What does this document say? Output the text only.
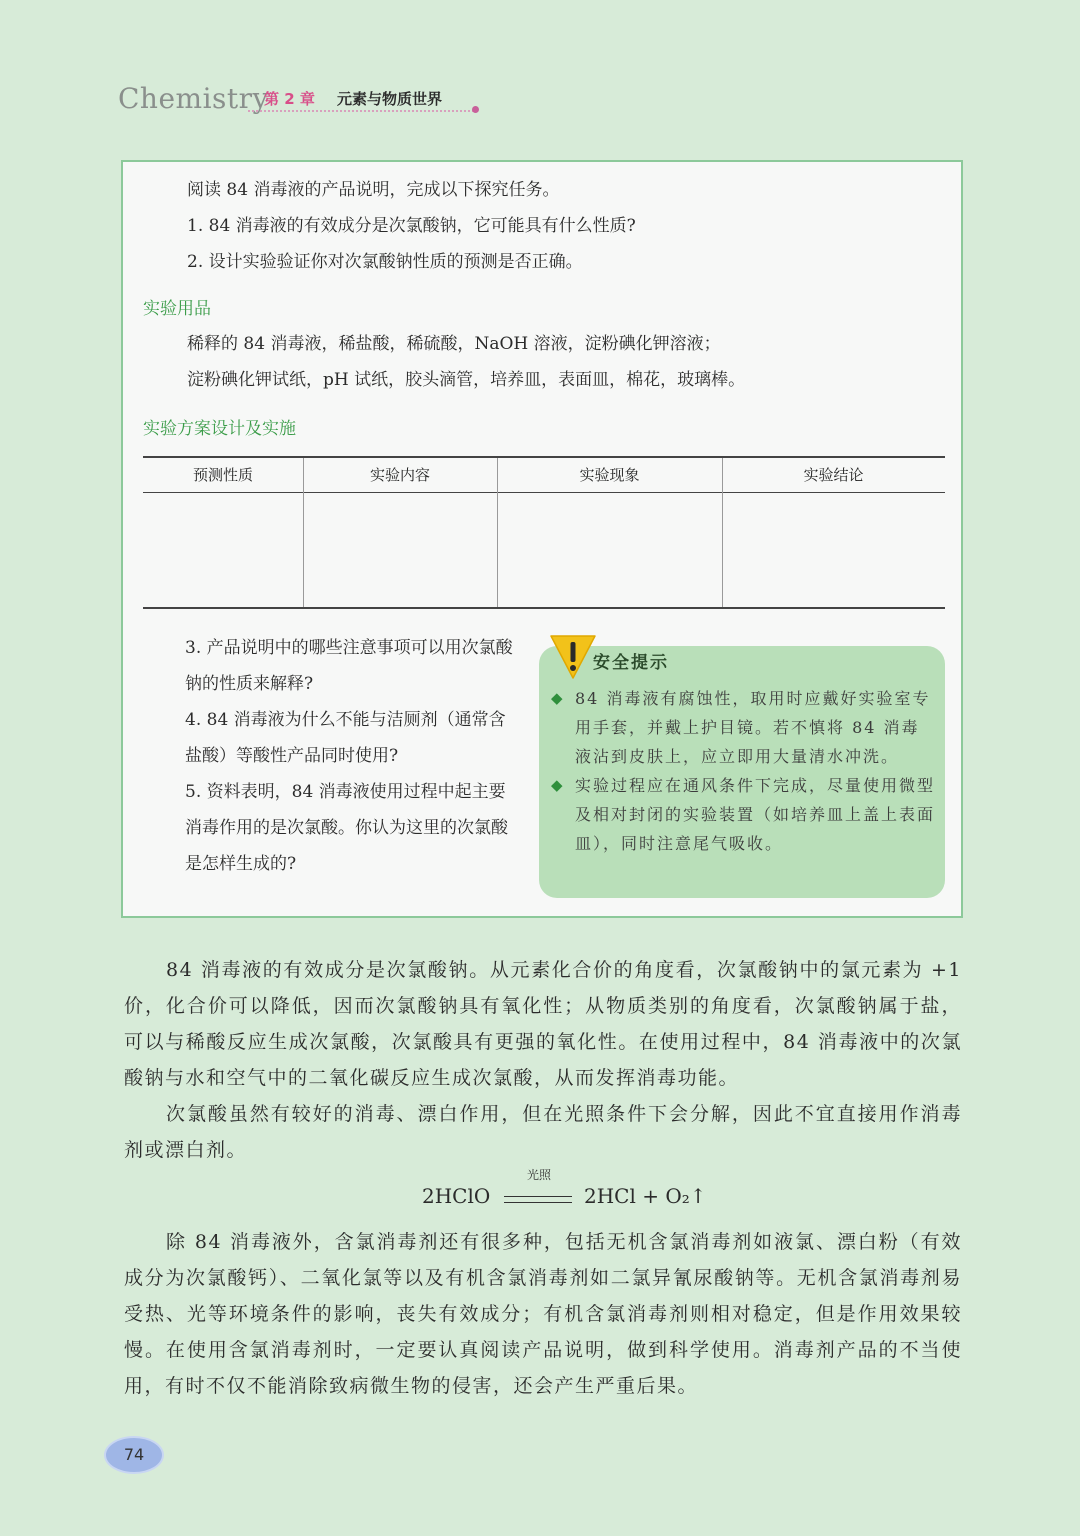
Chemistry
第 2 章 元素与物质世界
阅读 84 消毒液的产品说明，完成以下探究任务。
1. 84 消毒液的有效成分是次氯酸钠，它可能具有什么性质?
2. 设计实验验证你对次氯酸钠性质的预测是否正确。
实验用品
稀释的 84 消毒液，稀盐酸，稀硫酸，NaOH 溶液，淀粉碘化钾溶液；
淀粉碘化钾试纸，pH 试纸，胶头滴管，培养皿，表面皿，棉花，玻璃棒。
实验方案设计及实施
预测性质	实验内容	实验现象	实验结论

3. 产品说明中的哪些注意事项可以用次氯酸钠的性质来解释?

4. 84 消毒液为什么不能与洁厕剂（通常含盐酸）等酸性产品同时使用?

5. 资料表明，84 消毒液使用过程中起主要消毒作用的是次氯酸。你认为这里的次氯酸是怎样生成的?

安全提示
◆ 84 消毒液有腐蚀性，取用时应戴好实验室专用手套，并戴上护目镜。若不慎将 84 消毒液沾到皮肤上，应立即用大量清水冲洗。
◆ 实验过程应在通风条件下完成，尽量使用微型及相对封闭的实验装置（如培养皿上盖上表面皿），同时注意尾气吸收。

84 消毒液的有效成分是次氯酸钠。从元素化合价的角度看，次氯酸钠中的氯元素为 +1 价，化合价可以降低，因而次氯酸钠具有氧化性；从物质类别的角度看，次氯酸钠属于盐，可以与稀酸反应生成次氯酸，次氯酸具有更强的氧化性。在使用过程中，84 消毒液中的次氯酸钠与水和空气中的二氧化碳反应生成次氯酸，从而发挥消毒功能。

次氯酸虽然有较好的消毒、漂白作用，但在光照条件下会分解，因此不宜直接用作消毒剂或漂白剂。

2HClO
光照
2HCl + O₂↑

除 84 消毒液外，含氯消毒剂还有很多种，包括无机含氯消毒剂如液氯、漂白粉（有效成分为次氯酸钙）、二氧化氯等以及有机含氯消毒剂如二氯异氰尿酸钠等。无机含氯消毒剂易受热、光等环境条件的影响，丧失有效成分；有机含氯消毒剂则相对稳定，但是作用效果较慢。在使用含氯消毒剂时，一定要认真阅读产品说明，做到科学使用。消毒剂产品的不当使用，有时不仅不能消除致病微生物的侵害，还会产生严重后果。

74
